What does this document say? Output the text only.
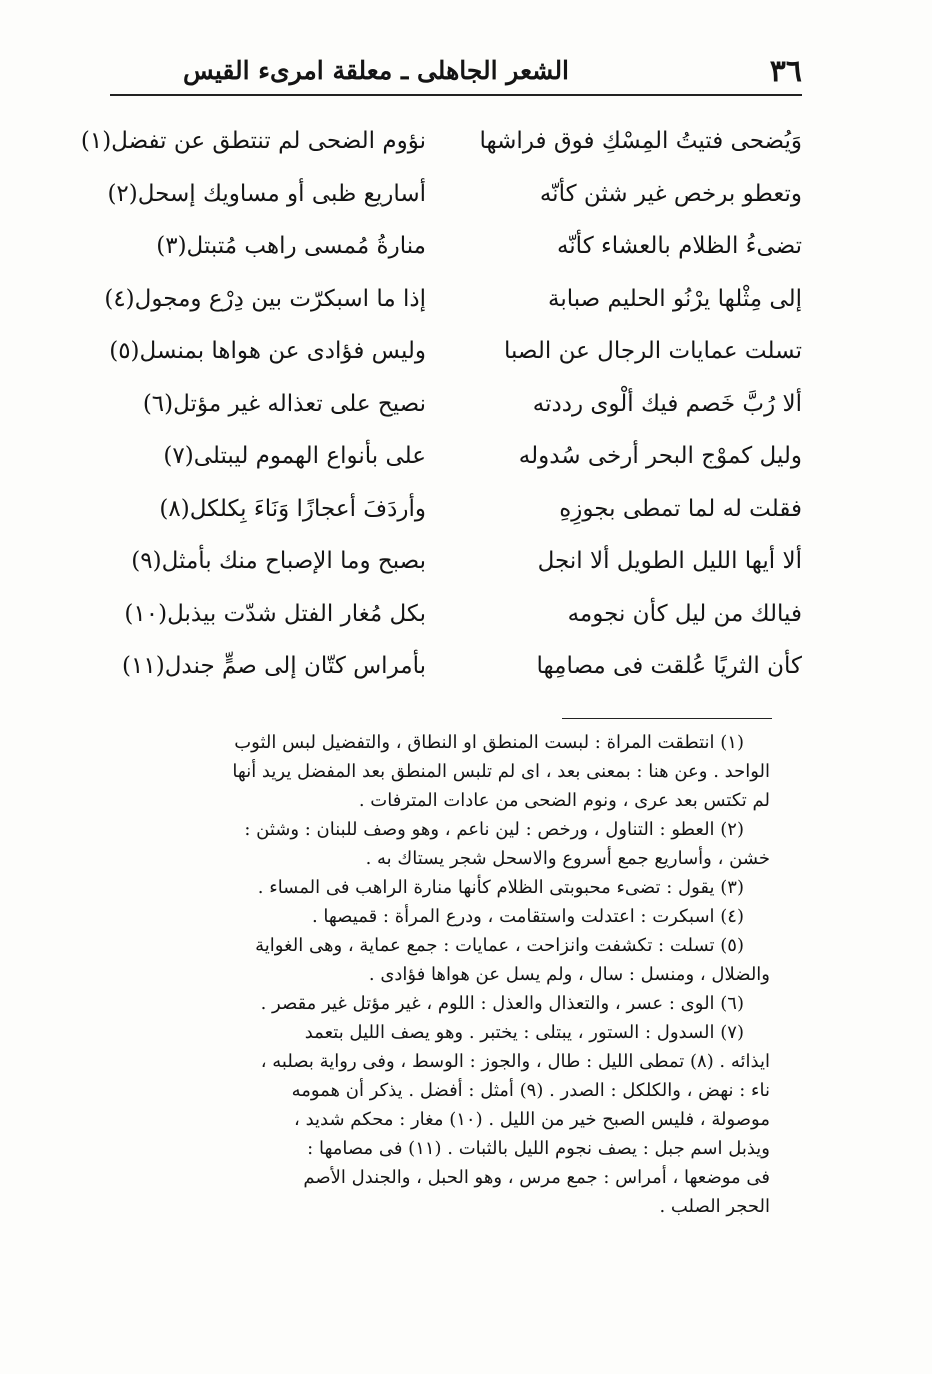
٣٦
الشعر الجاهلى ـ معلقة امرىء القيس
وَيُضحى فتيتُ المِسْكِ فوق فراشها
نؤوم الضحى لم تنتطق عن تفضل(١)
وتعطو برخص غير شثن كأنّه
أساريع ظبى أو مساويك إسحل(٢)
تضىءُ الظلام بالعشاء كأنّه
منارةُ مُمسى راهب مُتبتل(٣)
إلى مِثْلها يرْنُو الحليم صبابة
إذا ما اسبكرّت بين دِرْع ومجول(٤)
تسلت عمايات الرجال عن الصبا
وليس فؤادى عن هواها بمنسل(٥)
ألا رُبَّ خَصم فيك ألْوى رددته
نصيح على تعذاله غير مؤتل(٦)
وليل كموْج البحر أرخى سُدوله
على بأنواع الهموم ليبتلى(٧)
فقلت له لما تمطى بجوزِهِ
وأردَفَ أعجازًا وَنَاءَ بِكلكل(٨)
ألا أيها الليل الطويل ألا انجل
بصبح وما الإصباح منك بأمثل(٩)
فيالك من ليل كأن نجومه
بكل مُغار الفتل شدّت بيذبل(١٠)
كأن الثريًا عُلقت فى مصامِها
بأمراس كتّان إلى صمٍّ جندل(١١)
(١) انتطقت المراة : لبست المنطق او النطاق ، والتفضيل لبس الثوب
الواحد . وعن هنا : بمعنى بعد ، اى لم تلبس المنطق بعد المفضل يريد أنها
لم تكتس بعد عرى ، ونوم الضحى من عادات المترفات .
(٢) العطو : التناول ، ورخص : لين ناعم ، وهو وصف للبنان : وشثن :
خشن ، وأساريع جمع أسروع والاسحل شجر يستاك به .
(٣) يقول : تضىء محبوبتى الظلام كأنها منارة الراهب فى المساء .
(٤) اسبكرت : اعتدلت واستقامت ، ودرع المرأة : قميصها .
(٥) تسلت : تكشفت وانزاحت ، عمايات : جمع عماية ، وهى الغواية
والضلال ، ومنسل : سال ، ولم يسل عن هواها فؤادى .
(٦) الوى : عسر ، والتعذال والعذل : اللوم ، غير مؤتل غير مقصر .
(٧) السدول : الستور ، يبتلى : يختبر . وهو يصف الليل بتعمد
ايذائه . (٨) تمطى الليل : طال ، والجوز : الوسط ، وفى رواية بصلبه ،
ناء : نهض ، والكلكل : الصدر . (٩) أمثل : أفضل . يذكر أن همومه
موصولة ، فليس الصبح خير من الليل . (١٠) مغار : محكم شديد ،
ويذبل اسم جبل : يصف نجوم الليل بالثبات . (١١) فى مصامها :
فى موضعها ، أمراس : جمع مرس ، وهو الحبل ، والجندل الأصم
الحجر الصلب .
